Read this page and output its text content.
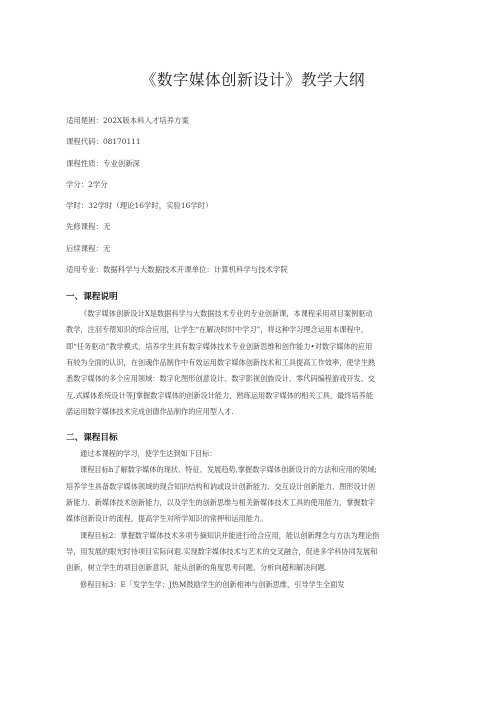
《数字媒体创新设计》教学大纲
适用楚困：202X版本科人才培养方案
课程代码：08170111
课程性质：专业创新深
学分：2学分
学时：32学时（理论16学时，实验16学时）
先修课程：无
后续课程：无
适用专业：数据科学与大数据技术开课单位：计算机科学与技术学院
一、课程说明
《数字媒体创新设计X是数据科学与大数据技术专业的专业创新课，本课程采用项目案例驱动
教学，注羽专蓿知识的综合应用，让学生“在解决时时中学习”，将这种学习理念运用本课程中，
即“任务驱动”教学模式，培养学生具有数字媒体技术专业创新思维和创作能力•对数字媒体的应用
有较为全面的认识，在创魂作品制作中有效运用数字媒体创新技术和工具提高工作效率，使学生熟
悉数字媒体的多个应用领域：数字化图形创意设计、数字影视创族设计、零代码编程游戏开发、交
互.式媒体系统设计等J掌握数字媒体的创新设计能力，熟练运用数字媒体的相关工具，最终培养能
諾运用数字媒体技术完成创德作品制作的应用型人才.
二、课程目标
通过本课程的学习，使学生达到如下目标：
课程目标h了解数字媒体的现状、特征、发展趋势,掌握数字媒体创新设计的方法和应用的领域;
培养学生具备数字媒体领域的现合知识结构和讷或设计创新能力、交互设计创新能力、图形设计创
新能力、新媒体技术创新能力，以及学生的创新思维与相关新媒体技术工具的使用能力，掌握数字
媒体创新设计的流程，提高学生对所学知识的常押和运用能力。
课程目标2：掌握数字媒体技术多项专摘知识并能进行给合应用，能以创新理念与方法为理论指
导，用发展的眼光时待项目实际问遐.实现数字媒体技术与艺术的交叉融合，促进多学科协同发展和
创新，树立学生的项目创新意识，能从创新的角度思考问题、分析向超和解决问题.
修程目标3：E「发学生学；J热M鼓励学生的创新相神与创新思维，引导学生全面发
